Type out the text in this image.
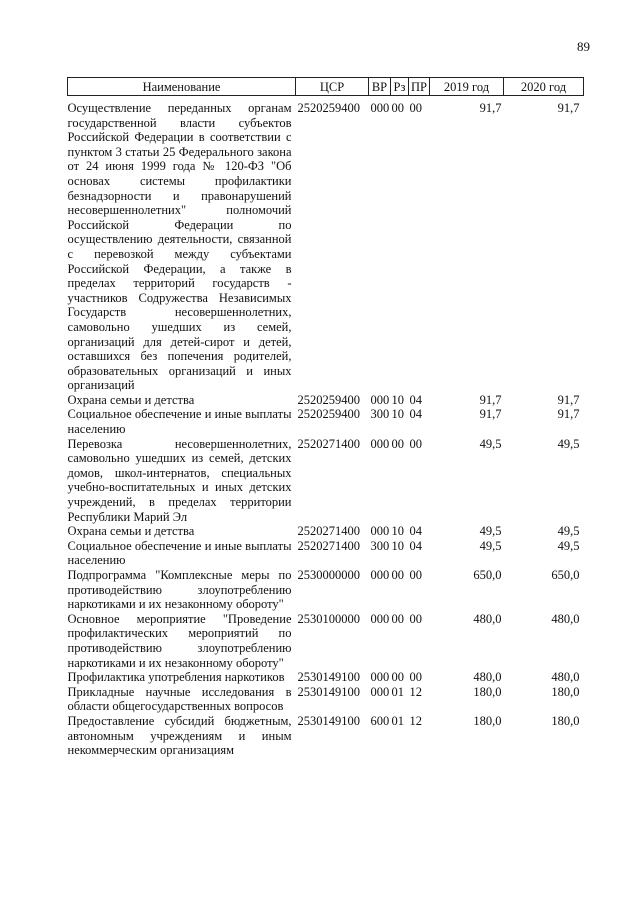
89
Наименование	ЦСР	ВР	Рз	ПР	2019 год	2020 год
Осуществление переданных органам государственной власти субъектов Российской Федерации в соответствии с пунктом 3 статьи 25 Федерального закона от 24 июня 1999 года № 120-ФЗ "Об основах системы профилактики безнадзорности и правонарушений несовершеннолетних" полномочий Российской Федерации по осуществлению деятельности, связанной с перевозкой между субъектами Российской Федерации, а также в пределах территорий государств - участников Содружества Независимых Государств несовершеннолетних, самовольно ушедших из семей, организаций для детей-сирот и детей, оставшихся без попечения родителей, образовательных организаций и иных организаций	2520259400	000	00	00	91,7	91,7
Охрана семьи и детства	2520259400	000	10	04	91,7	91,7
Социальное обеспечение и иные выплаты населению	2520259400	300	10	04	91,7	91,7
Перевозка несовершеннолетних, самовольно ушедших из семей, детских домов, школ-интернатов, специальных учебно-воспитательных и иных детских учреждений, в пределах территории Республики Марий Эл	2520271400	000	00	00	49,5	49,5
Охрана семьи и детства	2520271400	000	10	04	49,5	49,5
Социальное обеспечение и иные выплаты населению	2520271400	300	10	04	49,5	49,5
Подпрограмма "Комплексные меры по противодействию злоупотреблению наркотиками и их незаконному обороту"	2530000000	000	00	00	650,0	650,0
Основное мероприятие "Проведение профилактических мероприятий по противодействию злоупотреблению наркотиками и их незаконному обороту"	2530100000	000	00	00	480,0	480,0
Профилактика употребления наркотиков	2530149100	000	00	00	480,0	480,0
Прикладные научные исследования в области общегосударственных вопросов	2530149100	000	01	12	180,0	180,0
Предоставление субсидий бюджетным, автономным учреждениям и иным некоммерческим организациям	2530149100	600	01	12	180,0	180,0
